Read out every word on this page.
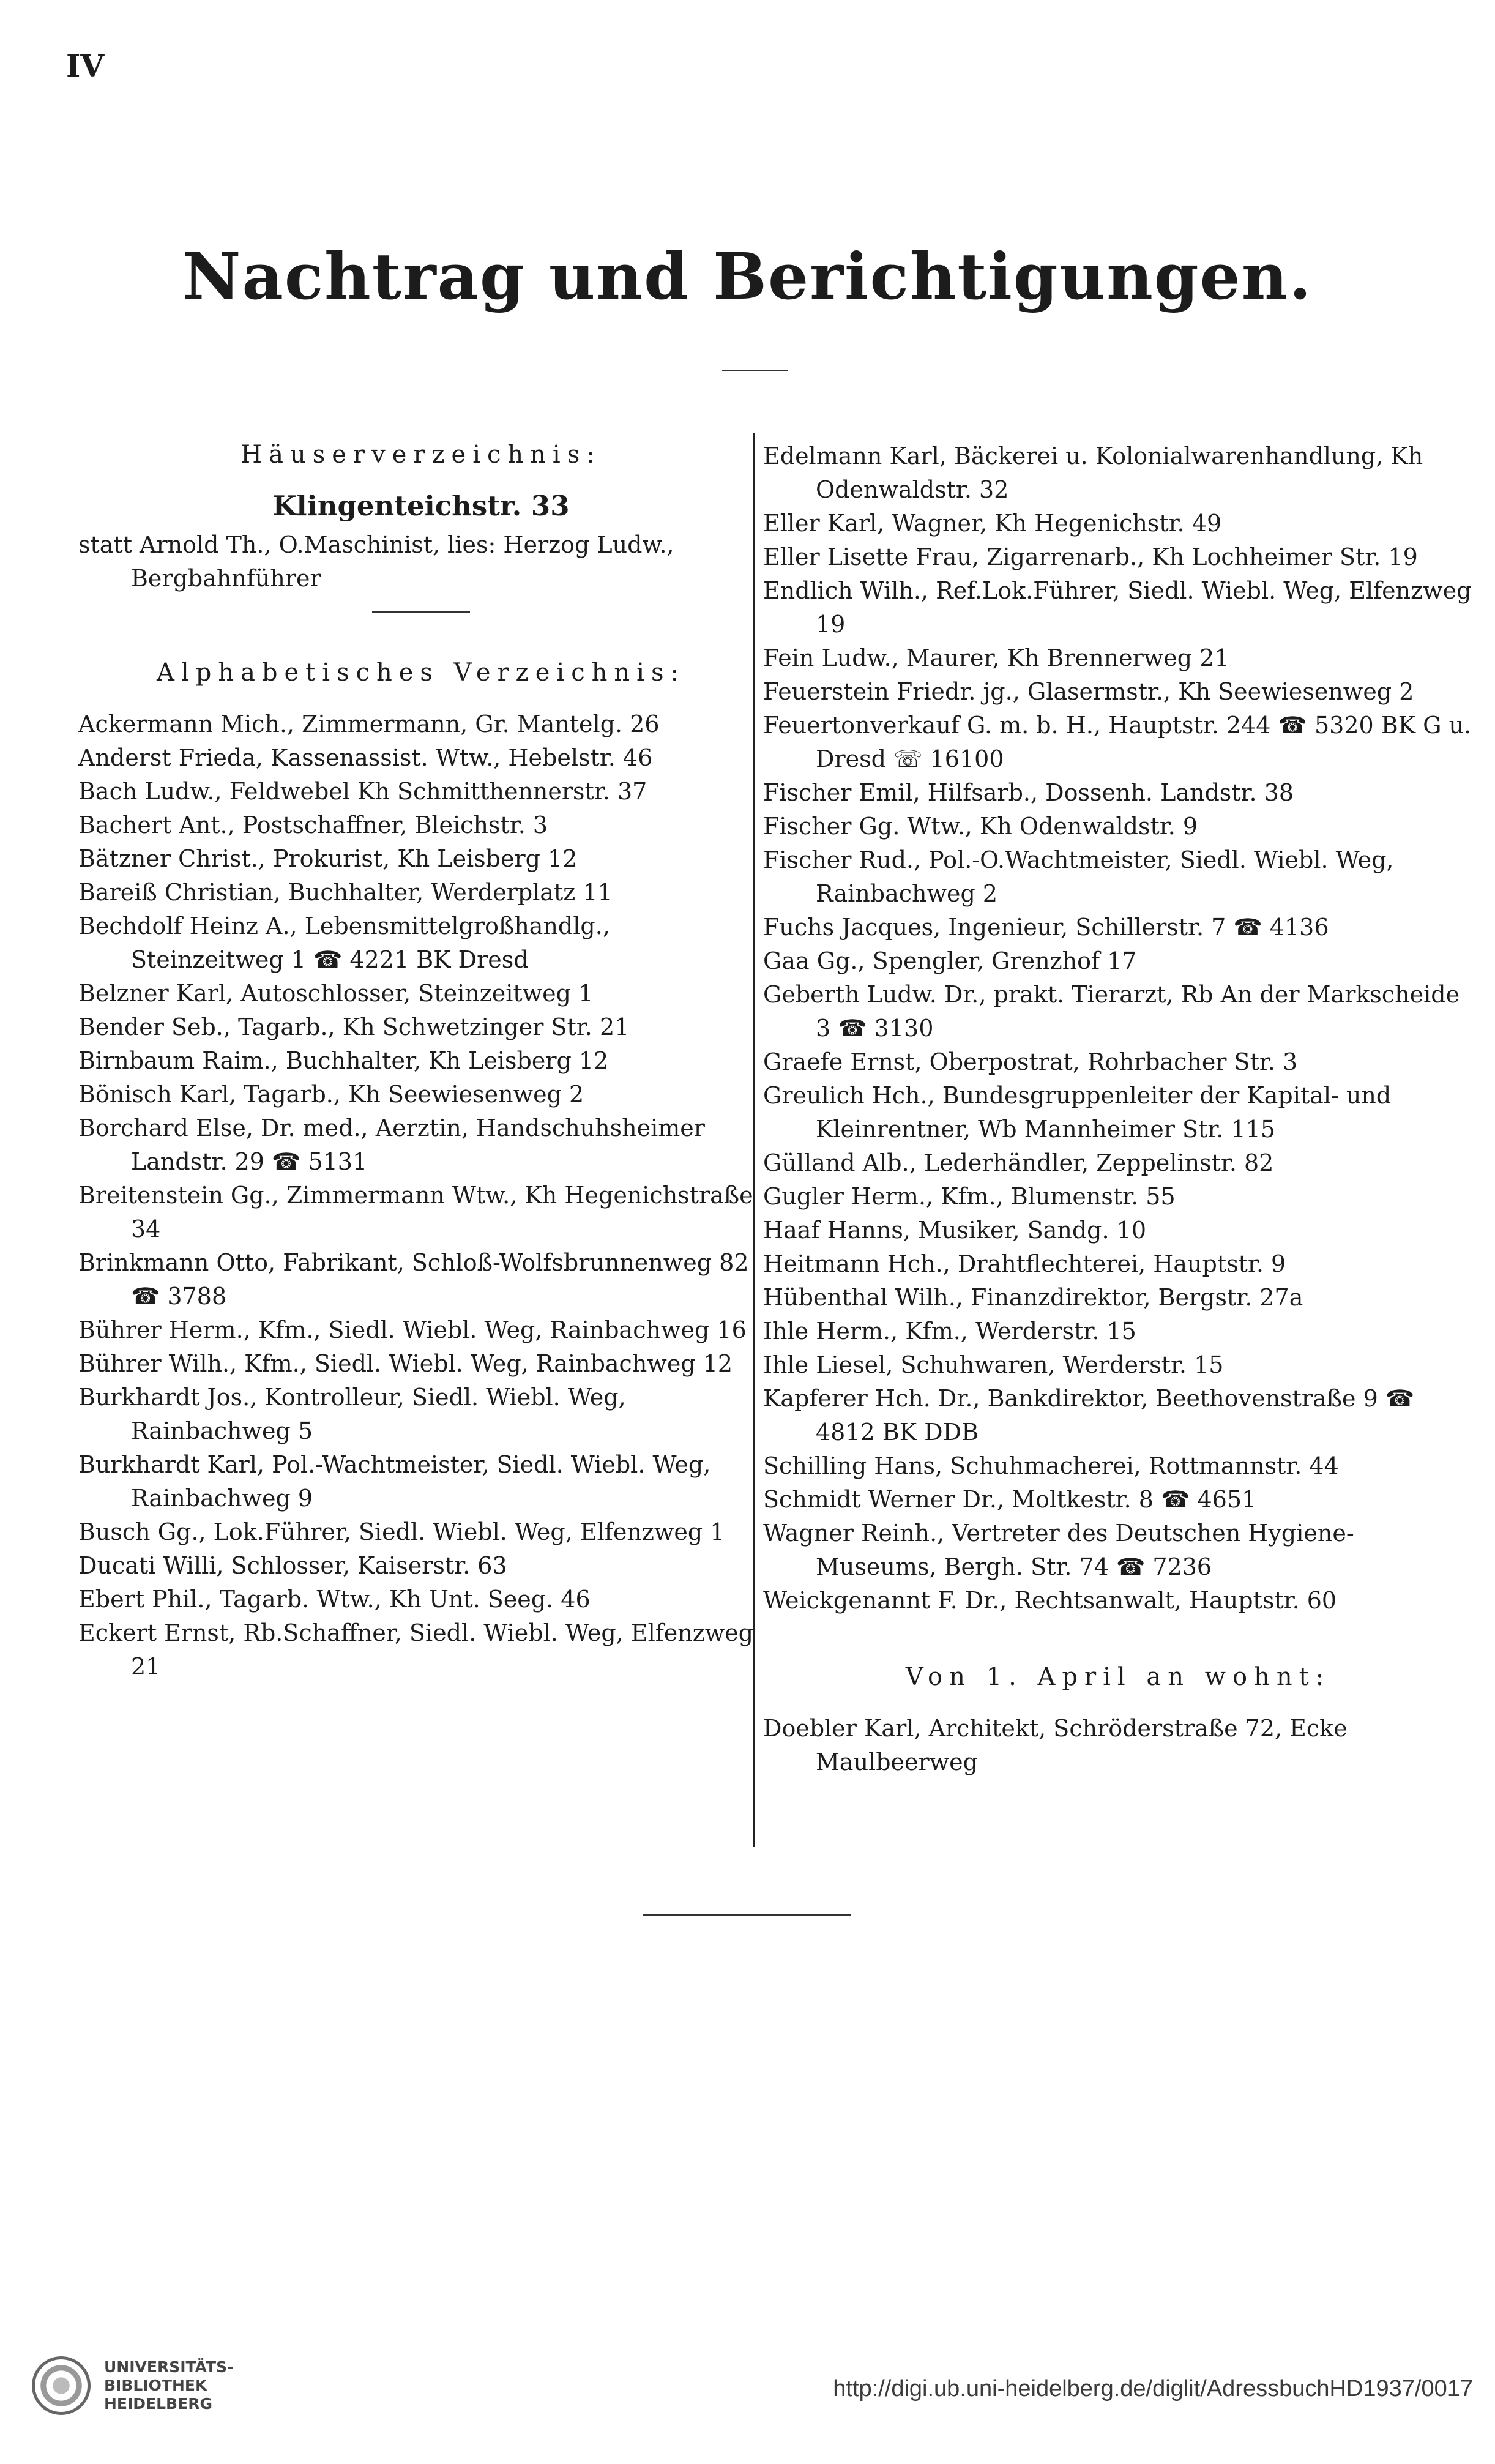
IV
Nachtrag und Berichtigungen.
Häuserverzeichnis:
Klingenteichstr. 33
statt Arnold Th., O.Maschinist, lies: Herzog Ludw., Bergbahnführer
Alphabetisches Verzeichnis:
Ackermann Mich., Zimmermann, Gr. Mantelg. 26
Anderst Frieda, Kassenassist. Wtw., Hebelstr. 46
Bach Ludw., Feldwebel Kh Schmitthennerstr. 37
Bachert Ant., Postschaffner, Bleichstr. 3
Bätzner Christ., Prokurist, Kh Leisberg 12
Bareiß Christian, Buchhalter, Werderplatz 11
Bechdolf Heinz A., Lebensmittelgroßhandlg., Steinzeitweg 1 ☎ 4221 BK Dresd
Belzner Karl, Autoschlosser, Steinzeitweg 1
Bender Seb., Tagarb., Kh Schwetzinger Str. 21
Birnbaum Raim., Buchhalter, Kh Leisberg 12
Bönisch Karl, Tagarb., Kh Seewiesenweg 2
Borchard Else, Dr. med., Aerztin, Handschuhsheimer Landstr. 29 ☎ 5131
Breitenstein Gg., Zimmermann Wtw., Kh Hegenichstraße 34
Brinkmann Otto, Fabrikant, Schloß-Wolfsbrunnenweg 82 ☎ 3788
Bührer Herm., Kfm., Siedl. Wiebl. Weg, Rainbachweg 16
Bührer Wilh., Kfm., Siedl. Wiebl. Weg, Rainbachweg 12
Burkhardt Jos., Kontrolleur, Siedl. Wiebl. Weg, Rainbachweg 5
Burkhardt Karl, Pol.-Wachtmeister, Siedl. Wiebl. Weg, Rainbachweg 9
Busch Gg., Lok.Führer, Siedl. Wiebl. Weg, Elfenzweg 1
Ducati Willi, Schlosser, Kaiserstr. 63
Ebert Phil., Tagarb. Wtw., Kh Unt. Seeg. 46
Eckert Ernst, Rb.Schaffner, Siedl. Wiebl. Weg, Elfenzweg 21
Edelmann Karl, Bäckerei u. Kolonialwarenhandlung, Kh Odenwaldstr. 32
Eller Karl, Wagner, Kh Hegenichstr. 49
Eller Lisette Frau, Zigarrenarb., Kh Lochheimer Str. 19
Endlich Wilh., Ref.Lok.Führer, Siedl. Wiebl. Weg, Elfenzweg 19
Fein Ludw., Maurer, Kh Brennerweg 21
Feuerstein Friedr. jg., Glasermstr., Kh Seewiesenweg 2
Feuertonverkauf G. m. b. H., Hauptstr. 244 ☎ 5320 BK G u. Dresd ☏ 16100
Fischer Emil, Hilfsarb., Dossenh. Landstr. 38
Fischer Gg. Wtw., Kh Odenwaldstr. 9
Fischer Rud., Pol.-O.Wachtmeister, Siedl. Wiebl. Weg, Rainbachweg 2
Fuchs Jacques, Ingenieur, Schillerstr. 7 ☎ 4136
Gaa Gg., Spengler, Grenzhof 17
Geberth Ludw. Dr., prakt. Tierarzt, Rb An der Markscheide 3 ☎ 3130
Graefe Ernst, Oberpostrat, Rohrbacher Str. 3
Greulich Hch., Bundesgruppenleiter der Kapital- und Kleinrentner, Wb Mannheimer Str. 115
Gülland Alb., Lederhändler, Zeppelinstr. 82
Gugler Herm., Kfm., Blumenstr. 55
Haaf Hanns, Musiker, Sandg. 10
Heitmann Hch., Drahtflechterei, Hauptstr. 9
Hübenthal Wilh., Finanzdirektor, Bergstr. 27a
Ihle Herm., Kfm., Werderstr. 15
Ihle Liesel, Schuhwaren, Werderstr. 15
Kapferer Hch. Dr., Bankdirektor, Beethovenstraße 9 ☎ 4812 BK DDB
Schilling Hans, Schuhmacherei, Rottmannstr. 44
Schmidt Werner Dr., Moltkestr. 8 ☎ 4651
Wagner Reinh., Vertreter des Deutschen Hygiene-Museums, Bergh. Str. 74 ☎ 7236
Weickgenannt F. Dr., Rechtsanwalt, Hauptstr. 60
Von 1. April an wohnt:
Doebler Karl, Architekt, Schröderstraße 72, Ecke Maulbeerweg
UNIVERSITÄTS-
BIBLIOTHEK
HEIDELBERG
http://digi.ub.uni-heidelberg.de/diglit/AdressbuchHD1937/0017
